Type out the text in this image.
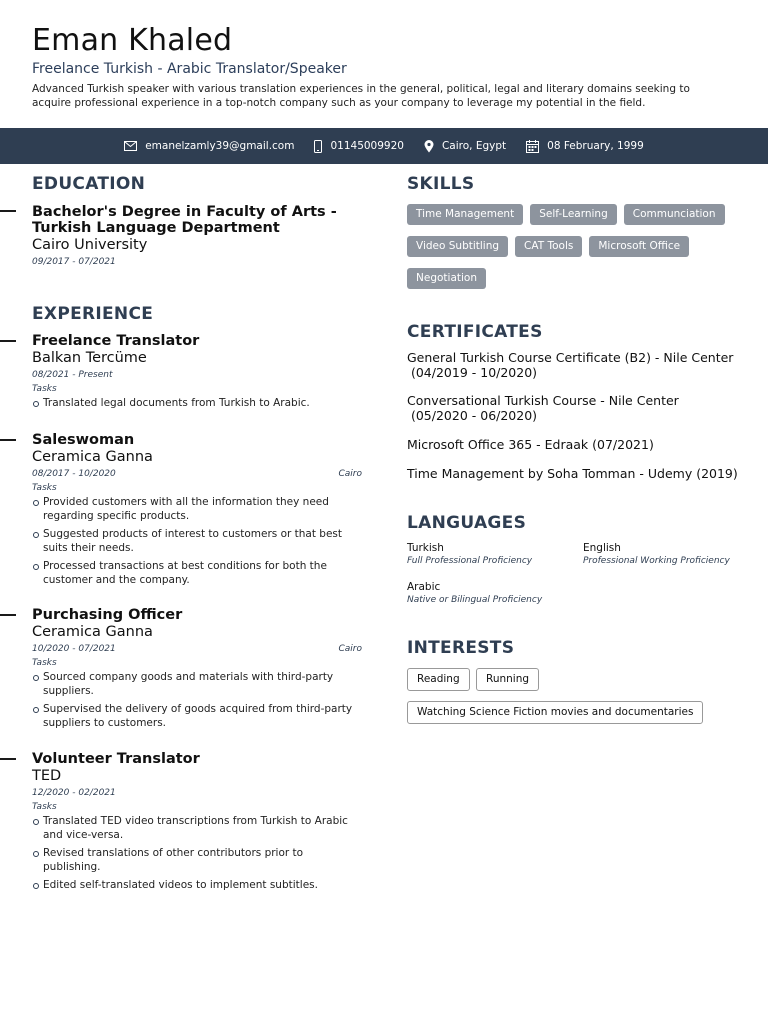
Eman Khaled
Freelance Turkish - Arabic Translator/Speaker
Advanced Turkish speaker with various translation experiences in the general, political, legal and literary domains seeking to acquire professional experience in a top-notch company such as your company to leverage my potential in the field.
emanelzamly39@gmail.com	01145009920	Cairo, Egypt	08 February, 1999
EDUCATION
Bachelor's Degree in Faculty of Arts -
Turkish Language Department
Cairo University
09/2017 - 07/2021
EXPERIENCE
Freelance Translator
Balkan Tercüme
08/2021 - Present
Tasks
Translated legal documents from Turkish to Arabic.
Saleswoman
Ceramica Ganna
08/2017 - 10/2020	Cairo
Tasks
Provided customers with all the information they need regarding specific products.
Suggested products of interest to customers or that best suits their needs.
Processed transactions at best conditions for both the customer and the company.
Purchasing Officer
Ceramica Ganna
10/2020 - 07/2021	Cairo
Tasks
Sourced company goods and materials with third-party suppliers.
Supervised the delivery of goods acquired from third-party suppliers to customers.
Volunteer Translator
TED
12/2020 - 02/2021
Tasks
Translated TED video transcriptions from Turkish to Arabic and vice-versa.
Revised translations of other contributors prior to publishing.
Edited self-translated videos to implement subtitles.
SKILLS
Time Management	Self-Learning	Communciation
Video Subtitling	CAT Tools	Microsoft Office
Negotiation
CERTIFICATES
General Turkish Course Certificate (B2) - Nile Center
(04/2019 - 10/2020)
Conversational Turkish Course - Nile Center
(05/2020 - 06/2020)
Microsoft Office 365 - Edraak (07/2021)
Time Management by Soha Tomman - Udemy (2019)
LANGUAGES
Turkish
Full Professional Proficiency
English
Professional Working Proficiency
Arabic
Native or Bilingual Proficiency
INTERESTS
Reading	Running
Watching Science Fiction movies and documentaries
